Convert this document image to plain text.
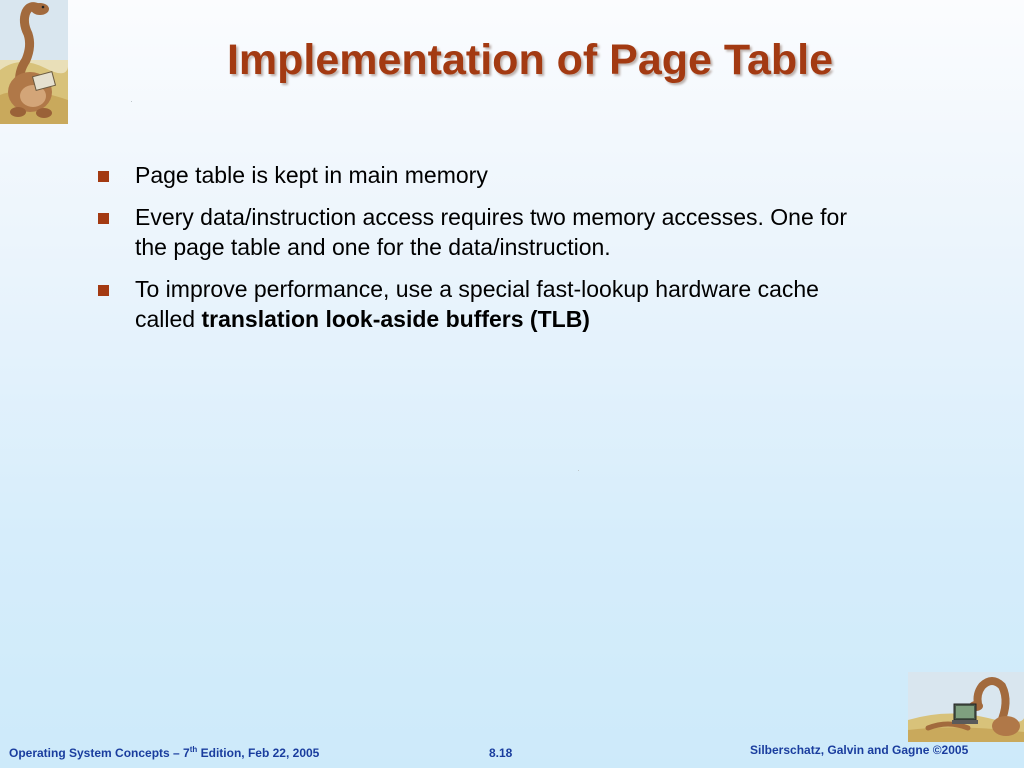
Implementation of Page Table
Page table is kept in main memory
Every data/instruction access requires two memory accesses. One for the page table and one for the data/instruction.
To improve performance, use a special fast-lookup hardware cache called translation look-aside buffers (TLB)
Operating System Concepts – 7th Edition, Feb 22, 2005	8.18	Silberschatz, Galvin and Gagne ©2005
